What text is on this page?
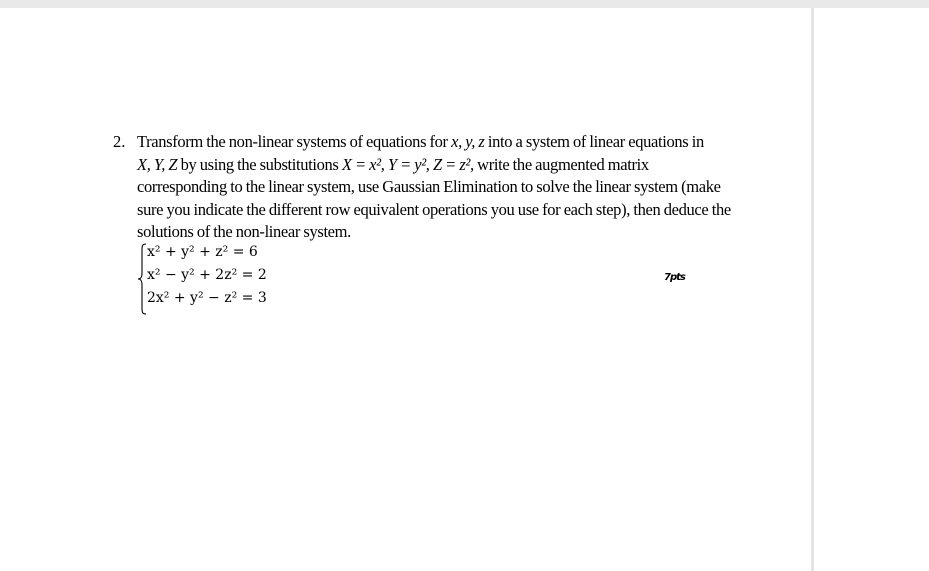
2. Transform the non-linear systems of equations for x, y, z into a system of linear equations in
X, Y, Z by using the substitutions X = x², Y = y², Z = z², write the augmented matrix
corresponding to the linear system, use Gaussian Elimination to solve the linear system (make
sure you indicate the different row equivalent operations you use for each step), then deduce the
solutions of the non-linear system.
x² + y² + z² = 6
x² − y² + 2z² = 2
2x² + y² − z² = 3
7pts
